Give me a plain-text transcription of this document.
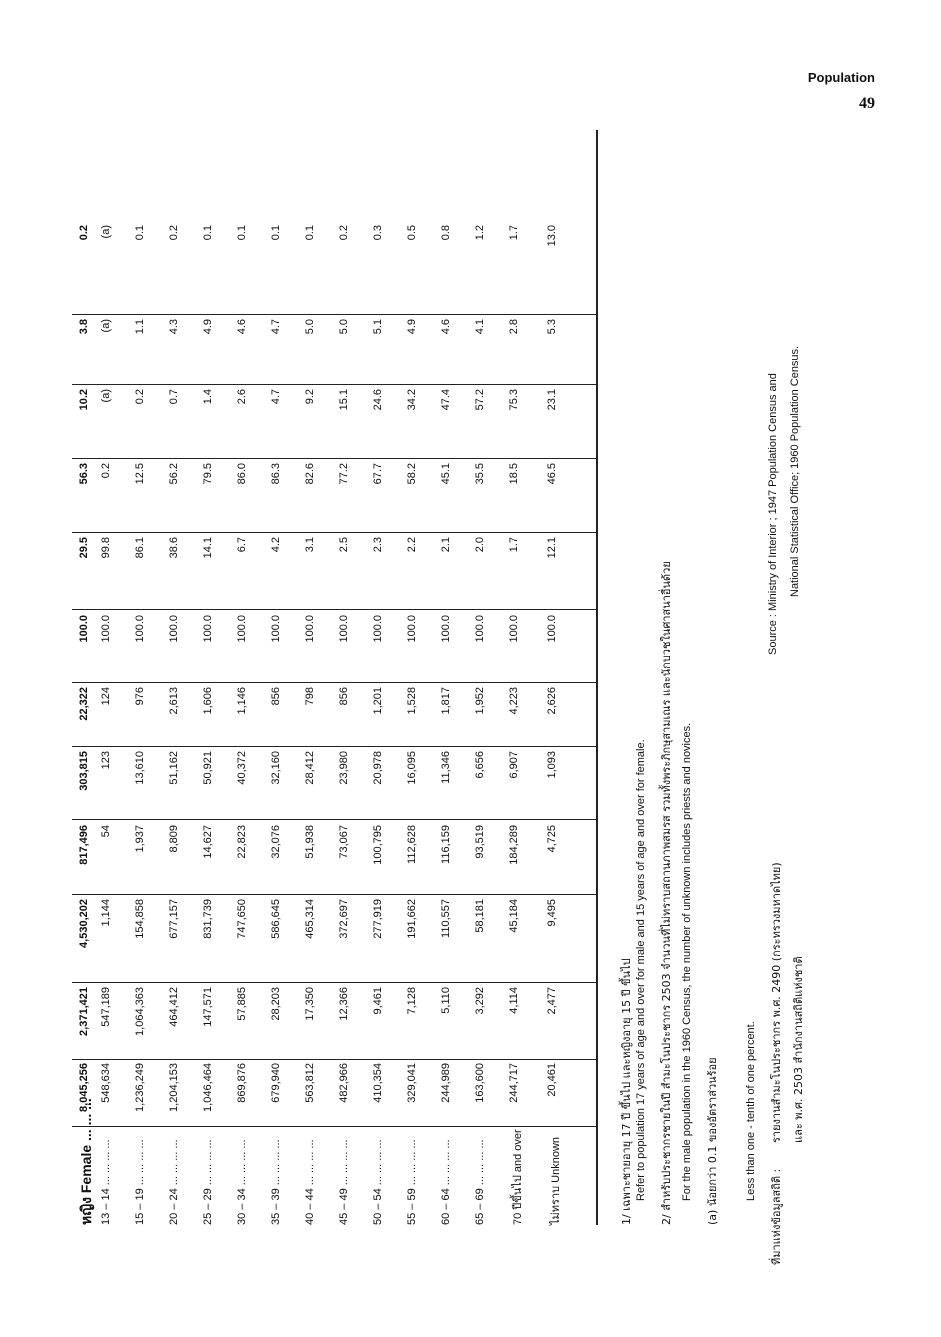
Population
49
หญิง Female ... ... ...
8,045,256
2,371,421
4,530,202
817,496
303,815
22,322
100.0
29.5
56.3
10.2
3.8
0.2
13 – 14 ... ... ... ...
548,634
547,189
1,144
54
123
124
100.0
99.8
0.2
(a)
(a)
(a)
15 – 19 ... ... ... ...
1,236,249
1,064,363
154,858
1,937
13,610
976
100.0
86.1
12.5
0.2
1.1
0.1
20 – 24 ... ... ... ...
1,204,153
464,412
677,157
8,809
51,162
2,613
100.0
38.6
56.2
0.7
4.3
0.2
25 – 29 ... ... ... ...
1,046,464
147,571
831,739
14,627
50,921
1,606
100.0
14.1
79.5
1.4
4.9
0.1
30 – 34 ... ... ... ...
869,876
57,885
747,650
22,823
40,372
1,146
100.0
6.7
86.0
2.6
4.6
0.1
35 – 39 ... ... ... ...
679,940
28,203
586,645
32,076
32,160
856
100.0
4.2
86.3
4.7
4.7
0.1
40 – 44 ... ... ... ...
563,812
17,350
465,314
51,938
28,412
798
100.0
3.1
82.6
9.2
5.0
0.1
45 – 49 ... ... ... ...
482,966
12,366
372,697
73,067
23,980
856
100.0
2.5
77.2
15.1
5.0
0.2
50 – 54 ... ... ... ...
410,354
9,461
277,919
100,795
20,978
1,201
100.0
2.3
67.7
24.6
5.1
0.3
55 – 59 ... ... ... ...
329,041
7,128
191,662
112,628
16,095
1,528
100.0
2.2
58.2
34.2
4.9
0.5
60 – 64 ... ... ... ...
244,989
5,110
110,557
116,159
11,346
1,817
100.0
2.1
45.1
47.4
4.6
0.8
65 – 69 ... ... ... ...
163,600
3,292
58,181
93,519
6,656
1,952
100.0
2.0
35.5
57.2
4.1
1.2
70 ปีขึ้นไป and over
244,717
4,114
45,184
184,289
6,907
4,223
100.0
1.7
18.5
75.3
2.8
1.7
ไม่ทราบ Unknown
20,461
2,477
9,495
4,725
1,093
2,626
100.0
12.1
46.5
23.1
5.3
13.0
1/ เฉพาะชายอายุ 17 ปี ขึ้นไป และหญิงอายุ 15 ปี ขึ้นไป Refer to population 17 years of age and over for male and 15 years of age and over for female. 2/ สำหรับประชากรชายในปี สำมะโนประชากร 2503 จำนวนที่ไม่ทราบสถานภาพสมรส รวมทั้งพระภิกษุสามเณร และนักบวชในศาสนาอื่นด้วย For the male population in the 1960 Census, the number of unknown includes priests and novices. (a) น้อยกว่า 0.1 ของอัตราส่วนร้อย Less than one - tenth of one percent.
ที่มาแห่งข้อมูลสถิติ :
รายงานสำมะโนประชากร พ.ศ. 2490 (กระทรวงมหาดไทย) และ พ.ศ. 2503 สำนักงานสถิติแห่งชาติ
Source : Ministry of Interior ; 1947 Population Census and National Statistical Office; 1960 Population Census.
